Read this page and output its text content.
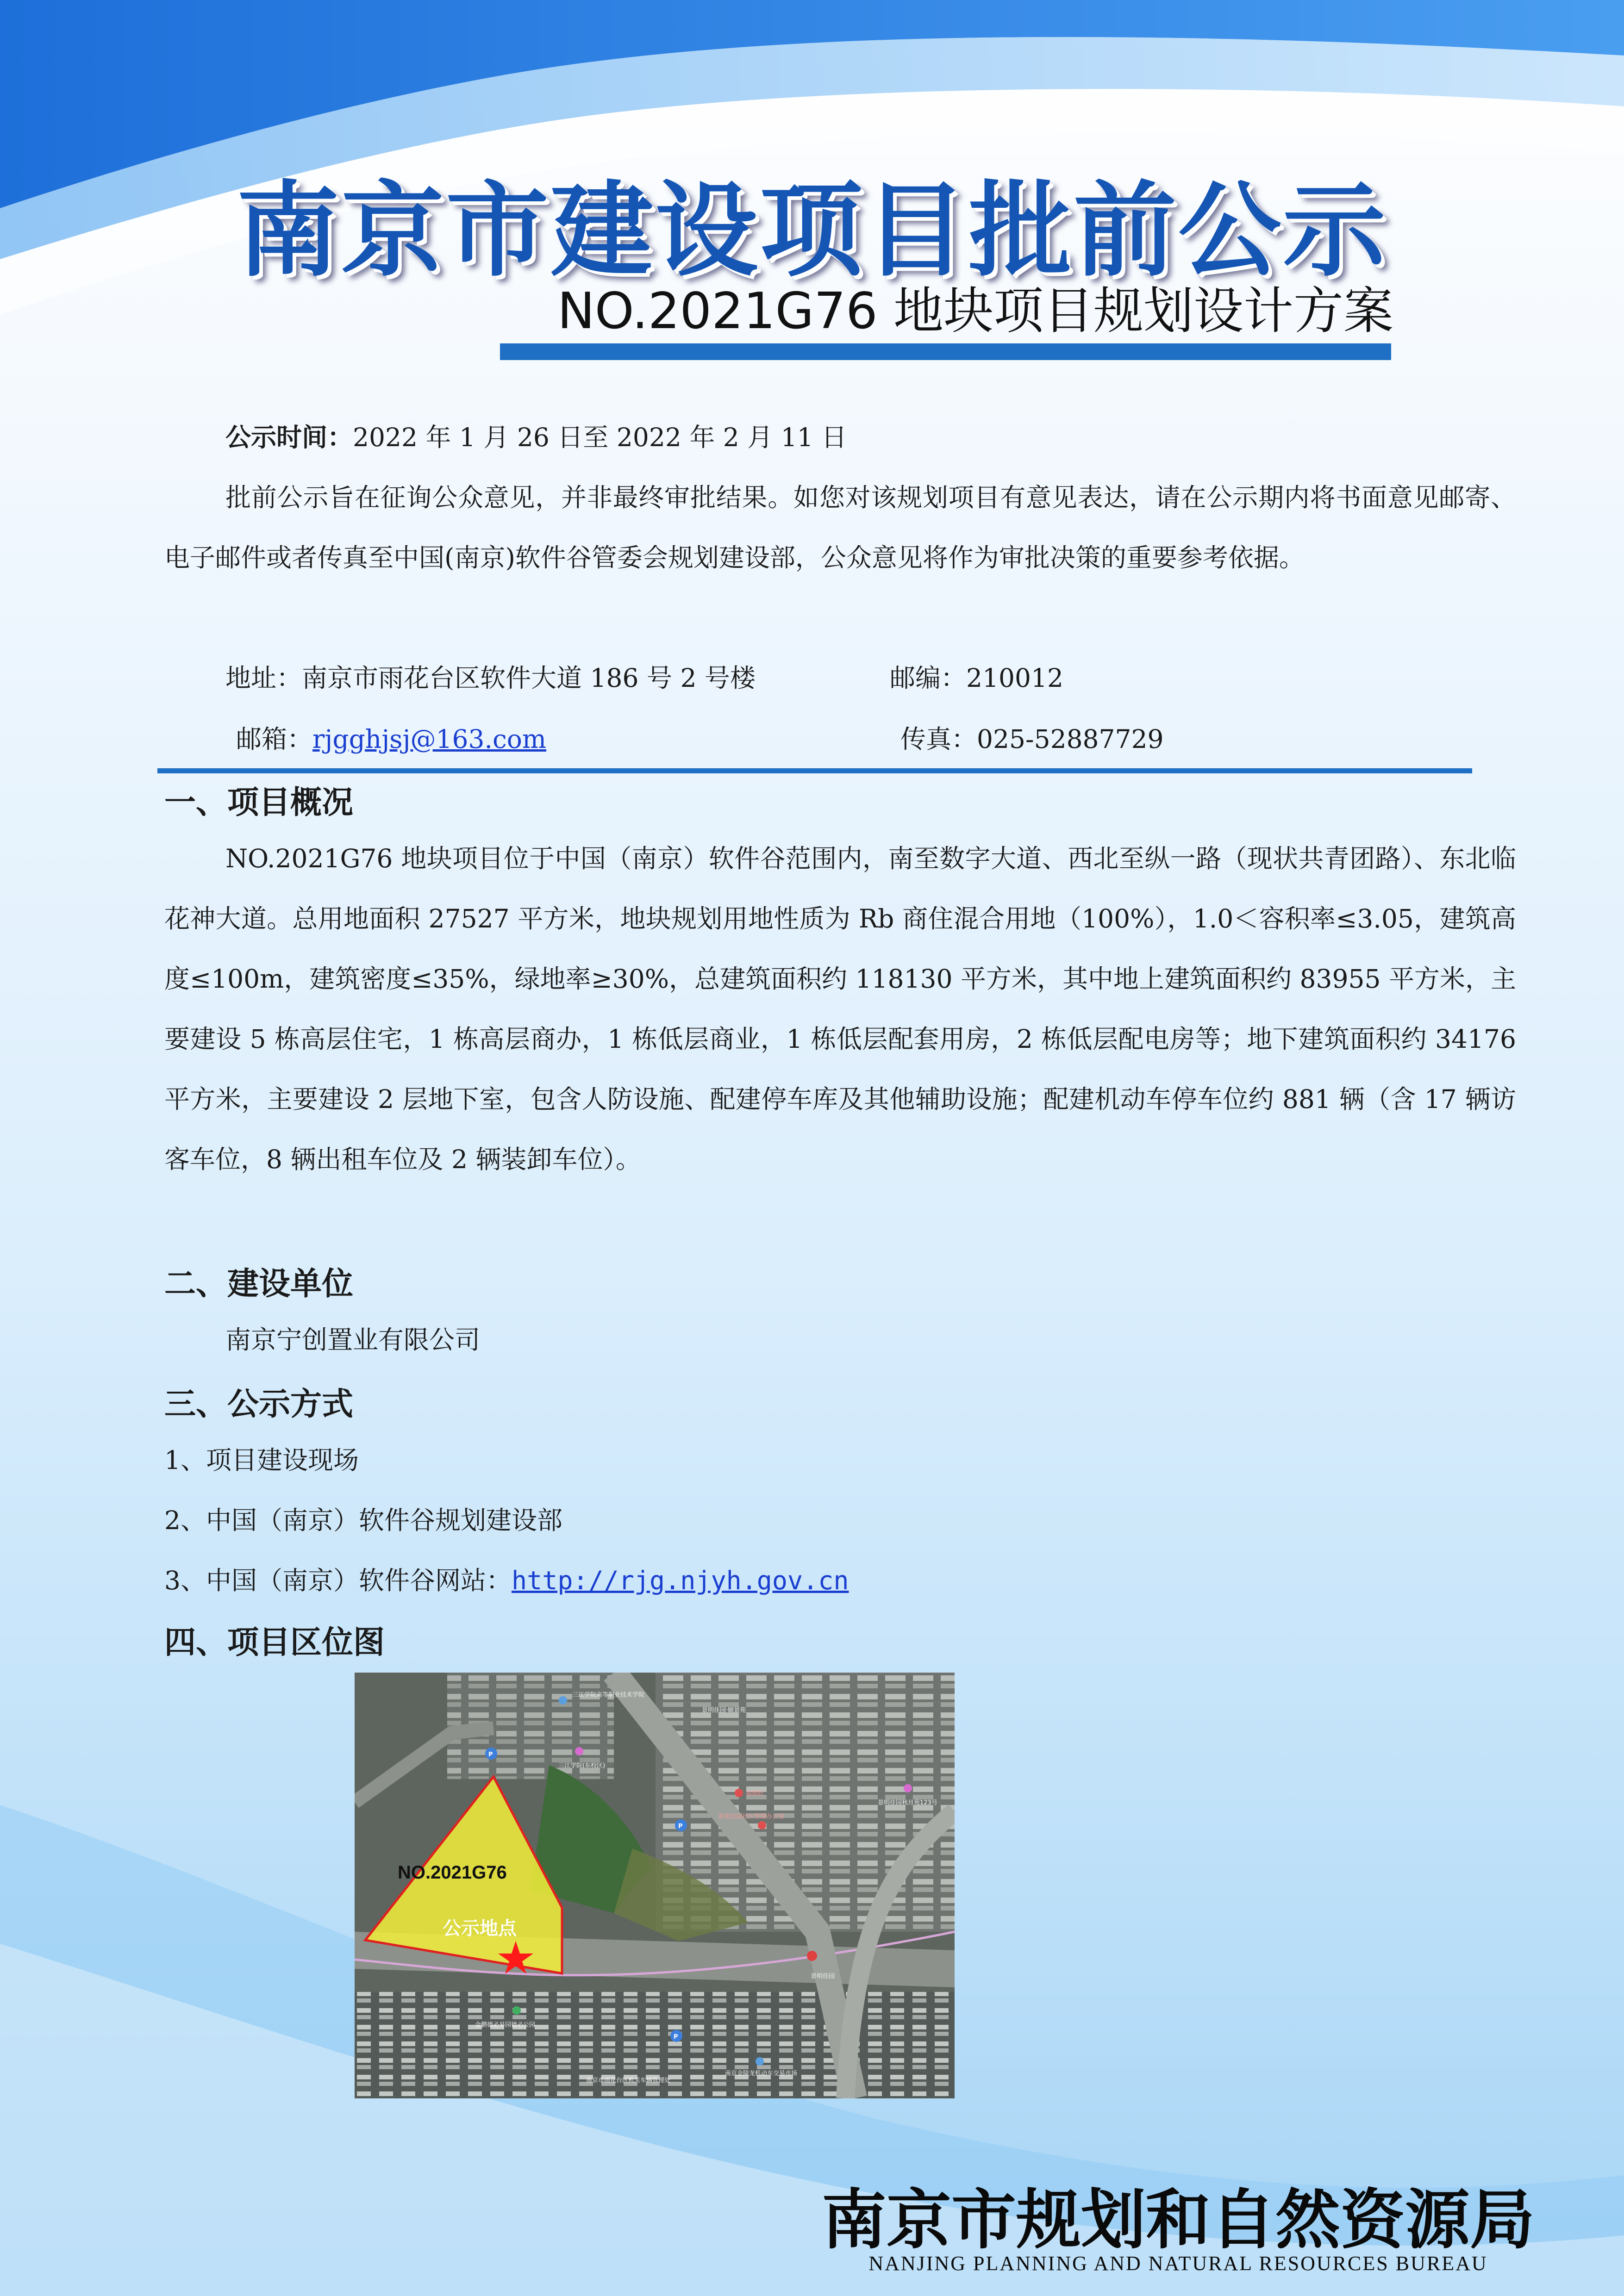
南京市建设项目批前公示
NO.2021G76 地块项目规划设计方案
公示时间：2022 年 1 月 26 日至 2022 年 2 月 11 日
批前公示旨在征询公众意见，并非最终审批结果。如您对该规划项目有意见表达，请在公示期内将书面意见邮寄、电子邮件或者传真至中国(南京)软件谷管委会规划建设部，公众意见将作为审批决策的重要参考依据。
地址：南京市雨花台区软件大道 186 号 2 号楼	邮编：210012
邮箱：rjgghjsj@163.com	传真：025-52887729
一、项目概况
NO.2021G76 地块项目位于中国（南京）软件谷范围内，南至数字大道、西北至纵一路（现状共青团路）、东北临花神大道。总用地面积 27527 平方米，地块规划用地性质为 Rb 商住混合用地（100%），1.0＜容积率≤3.05，建筑高度≤100m，建筑密度≤35%，绿地率≥30%，总建筑面积约 118130 平方米，其中地上建筑面积约 83955 平方米，主要建设 5 栋高层住宅，1 栋高层商办，1 栋低层商业，1 栋低层配套用房，2 栋低层配电房等；地下建筑面积约 34176 平方米，主要建设 2 层地下室，包含人防设施、配建停车库及其他辅助设施；配建机动车停车位约 881 辆（含 17 辆访客车位，8 辆出租车位及 2 辆装卸车位）。
二、建设单位
南京宁创置业有限公司
三、公示方式
1、项目建设现场
2、中国（南京）软件谷规划建设部
3、中国（南京）软件谷网站：http://rjg.njyh.gov.cn
四、项目区位图
NO.2021G76
公示地点
三江学院高等职业技术学院
景明佳园·颐景苑
三江学院(东校区)
福德旺
景明佳园社区管理办公室
景明佳园秋月苑123号
景明佳园
金鹏德必易园德必公园
南京市雨花台区机关车辆管理处
南京金陵龙机动车交易市场
P
P
P
南京市规划和自然资源局
NANJING PLANNING AND NATURAL RESOURCES BUREAU
